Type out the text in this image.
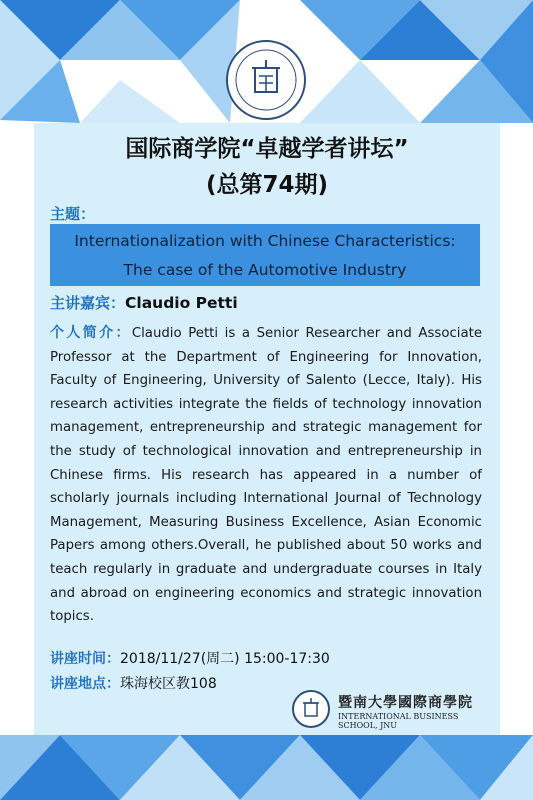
国际商学院“卓越学者讲坛”
(总第74期)
主题：
Internationalization with Chinese Characteristics:
The case of the Automotive Industry
主讲嘉宾：Claudio Petti
个人简介：Claudio Petti is a Senior Researcher and Associate Professor at the Department of Engineering for Innovation, Faculty of Engineering, University of Salento (Lecce, Italy). His research activities integrate the fields of technology innovation management, entrepreneurship and strategic management for the study of technological innovation and entrepreneurship in Chinese firms. His research has appeared in a number of scholarly journals including International Journal of Technology Management, Measuring Business Excellence, Asian Economic Papers among others.Overall, he published about 50 works and teach regularly in graduate and undergraduate courses in Italy and abroad on engineering economics and strategic innovation topics.
讲座时间：2018/11/27(周二) 15:00-17:30
讲座地点：珠海校区教108
暨南大學國際商學院
INTERNATIONAL BUSINESS SCHOOL, JNU
